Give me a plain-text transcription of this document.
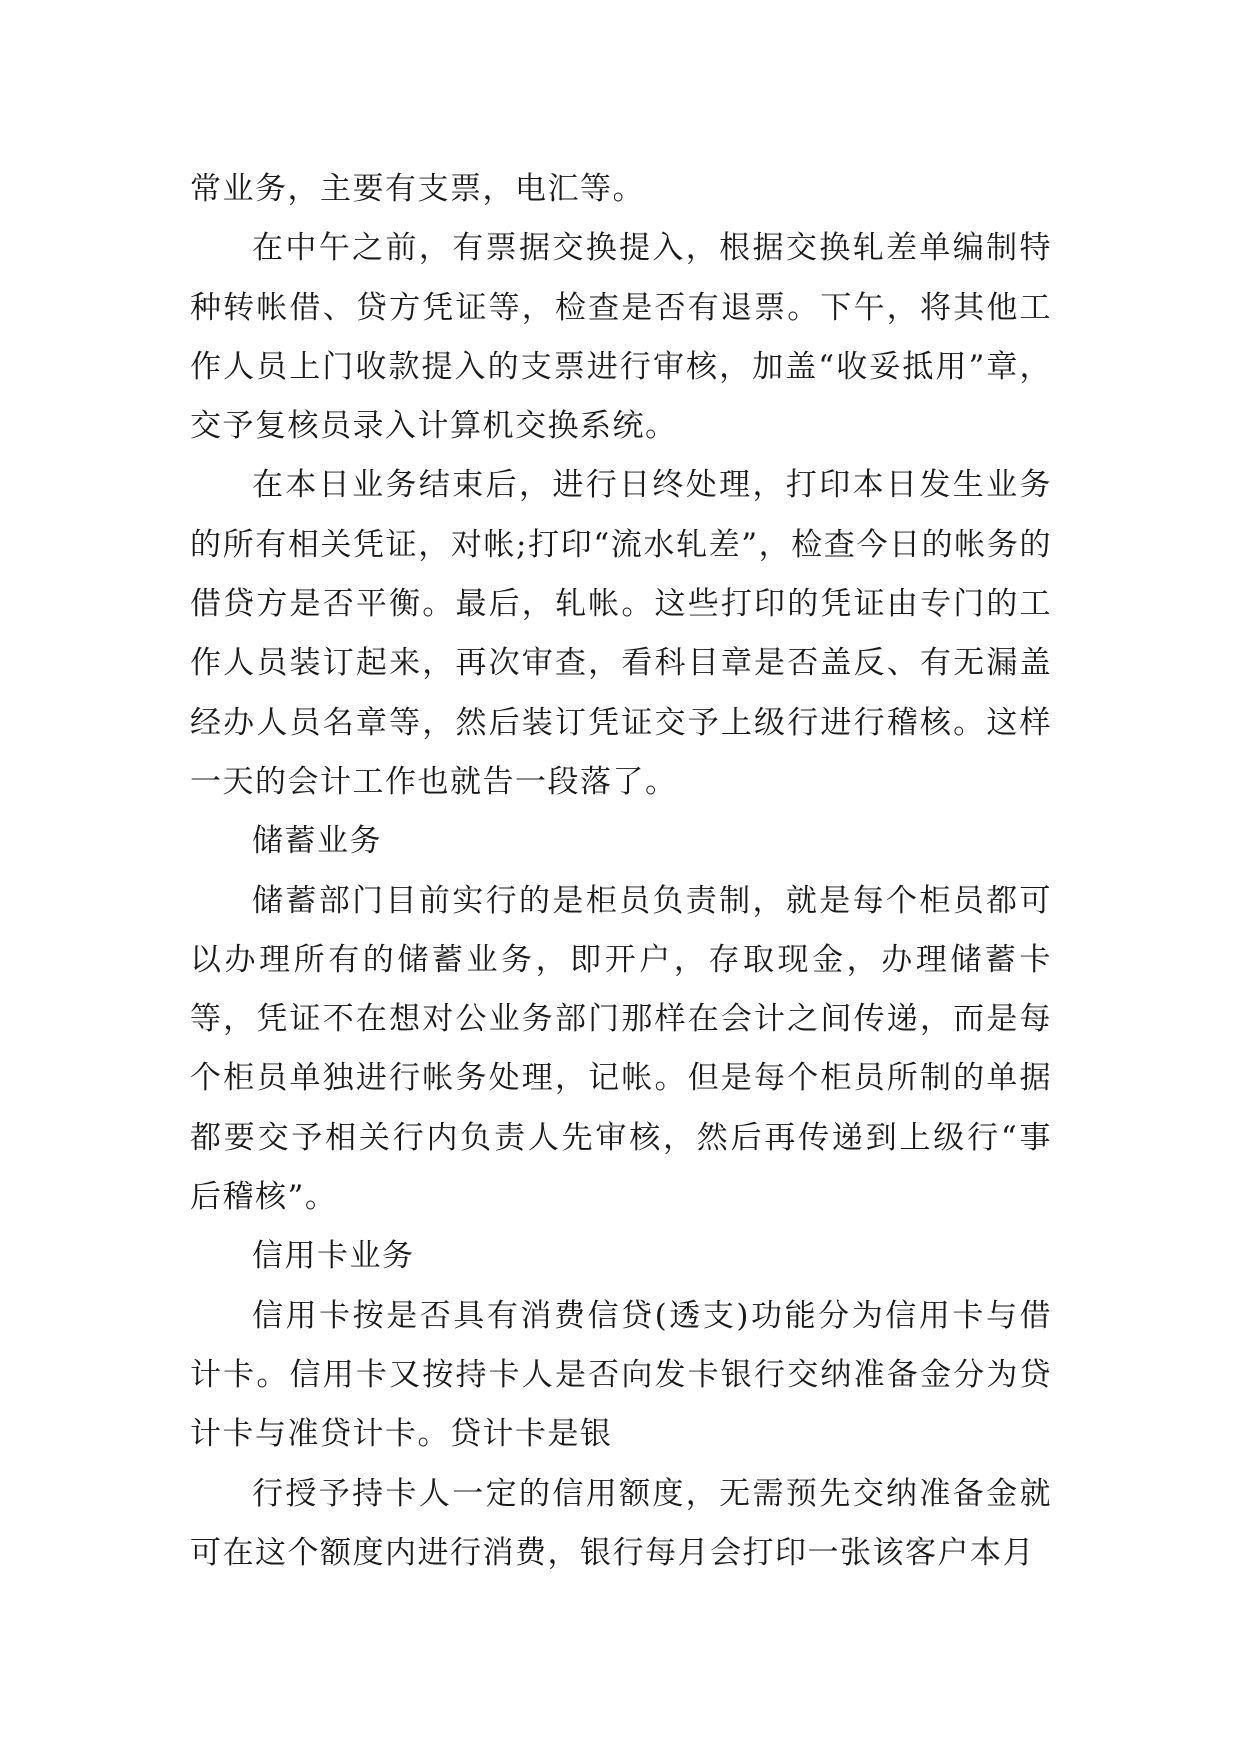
常业务，主要有支票，电汇等。

在中午之前，有票据交换提入，根据交换轧差单编制特种转帐借、贷方凭证等，检查是否有退票。下午，将其他工作人员上门收款提入的支票进行审核，加盖“收妥抵用”章，交予复核员录入计算机交换系统。

在本日业务结束后，进行日终处理，打印本日发生业务的所有相关凭证，对帐;打印“流水轧差”，检查今日的帐务的借贷方是否平衡。最后，轧帐。这些打印的凭证由专门的工作人员装订起来，再次审查，看科目章是否盖反、有无漏盖经办人员名章等，然后装订凭证交予上级行进行稽核。这样一天的会计工作也就告一段落了。

储蓄业务

储蓄部门目前实行的是柜员负责制，就是每个柜员都可以办理所有的储蓄业务，即开户，存取现金，办理储蓄卡等，凭证不在想对公业务部门那样在会计之间传递，而是每个柜员单独进行帐务处理，记帐。但是每个柜员所制的单据都要交予相关行内负责人先审核，然后再传递到上级行“事后稽核”。

信用卡业务

信用卡按是否具有消费信贷(透支)功能分为信用卡与借计卡。信用卡又按持卡人是否向发卡银行交纳准备金分为贷计卡与准贷计卡。贷计卡是银

行授予持卡人一定的信用额度，无需预先交纳准备金就可在这个额度内进行消费，银行每月会打印一张该客户本月
